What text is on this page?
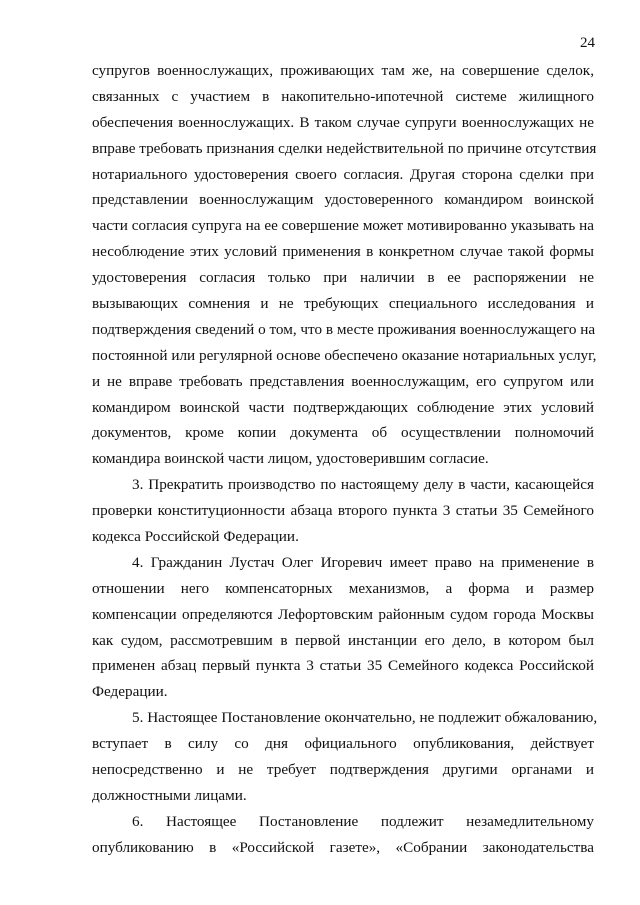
24
супругов военнослужащих, проживающих там же, на совершение сделок,
связанных с участием в накопительно-ипотечной системе жилищного
обеспечения военнослужащих. В таком случае супруги военнослужащих не
вправе требовать признания сделки недействительной по причине отсутствия
нотариального удостоверения своего согласия. Другая сторона сделки при
представлении военнослужащим удостоверенного командиром воинской
части согласия супруга на ее совершение может мотивированно указывать на
несоблюдение этих условий применения в конкретном случае такой формы
удостоверения согласия только при наличии в ее распоряжении не
вызывающих сомнения и не требующих специального исследования и
подтверждения сведений о том, что в месте проживания военнослужащего на
постоянной или регулярной основе обеспечено оказание нотариальных услуг,
и не вправе требовать представления военнослужащим, его супругом или
командиром воинской части подтверждающих соблюдение этих условий
документов, кроме копии документа об осуществлении полномочий
командира воинской части лицом, удостоверившим согласие.
3. Прекратить производство по настоящему делу в части, касающейся
проверки конституционности абзаца второго пункта 3 статьи 35 Семейного
кодекса Российской Федерации.
4. Гражданин Лустач Олег Игоревич имеет право на применение в
отношении него компенсаторных механизмов, а форма и размер
компенсации определяются Лефортовским районным судом города Москвы
как судом, рассмотревшим в первой инстанции его дело, в котором был
применен абзац первый пункта 3 статьи 35 Семейного кодекса Российской
Федерации.
5. Настоящее Постановление окончательно, не подлежит обжалованию,
вступает в силу со дня официального опубликования, действует
непосредственно и не требует подтверждения другими органами и
должностными лицами.
6. Настоящее Постановление подлежит незамедлительному
опубликованию в «Российской газете», «Собрании законодательства
